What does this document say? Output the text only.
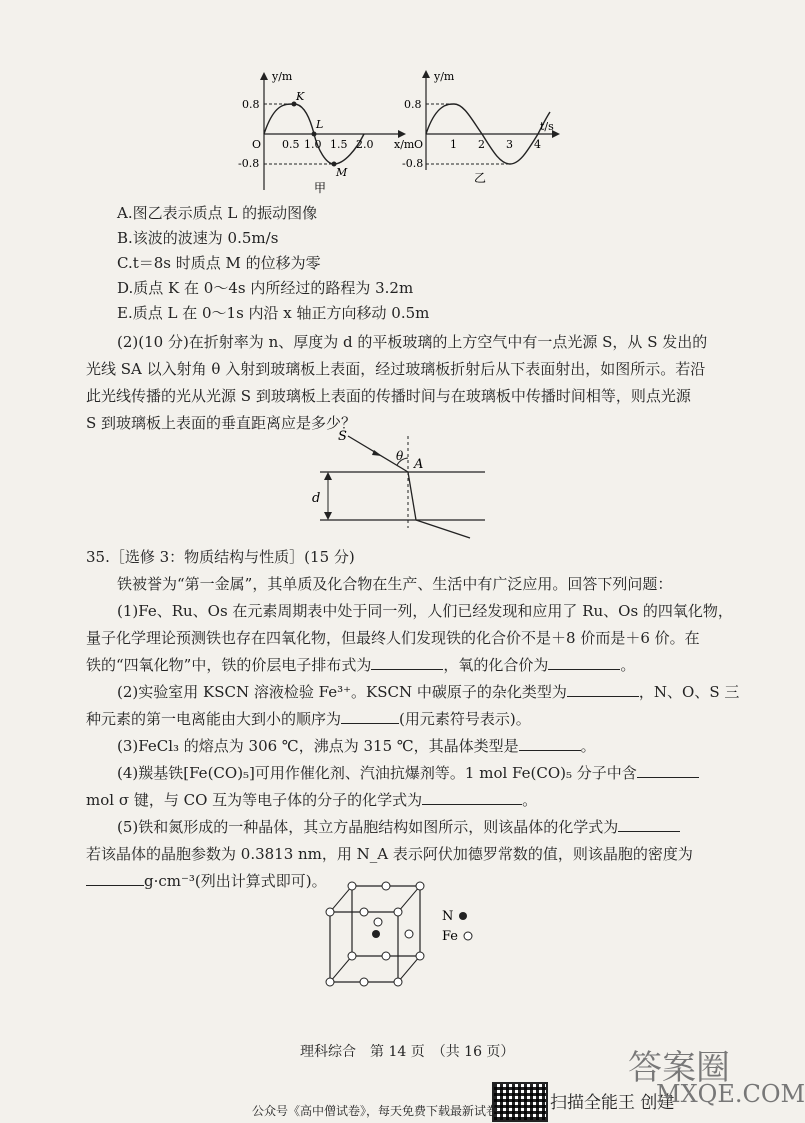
y/m
x/m
O
0.8
-0.8
0.5 1.0 1.5 2.0
K
L
M
甲
y/m
t/s
O
0.8
-0.8
1 2 3 4
乙
A.图乙表示质点 L 的振动图像
B.该波的波速为 0.5m/s
C.t＝8s 时质点 M 的位移为零
D.质点 K 在 0～4s 内所经过的路程为 3.2m
E.质点 L 在 0～1s 内沿 x 轴正方向移动 0.5m
(2)(10 分)在折射率为 n、厚度为 d 的平板玻璃的上方空气中有一点光源 S，从 S 发出的
光线 SA 以入射角 θ 入射到玻璃板上表面，经过玻璃板折射后从下表面射出，如图所示。若沿
此光线传播的光从光源 S 到玻璃板上表面的传播时间与在玻璃板中传播时间相等，则点光源
S 到玻璃板上表面的垂直距离应是多少？
S
A
θ
d
35.［选修 3：物质结构与性质］(15 分)
铁被誉为“第一金属”，其单质及化合物在生产、生活中有广泛应用。回答下列问题：
(1)Fe、Ru、Os 在元素周期表中处于同一列，人们已经发现和应用了 Ru、Os 的四氧化物，
量子化学理论预测铁也存在四氧化物，但最终人们发现铁的化合价不是＋8 价而是＋6 价。在
铁的“四氧化物”中，铁的价层电子排布式为	，氧的化合价为	。
(2)实验室用 KSCN 溶液检验 Fe³⁺。KSCN 中碳原子的杂化类型为	，N、O、S 三
种元素的第一电离能由大到小的顺序为	(用元素符号表示)。
(3)FeCl₃ 的熔点为 306 ℃，沸点为 315 ℃，其晶体类型是	。
(4)羰基铁[Fe(CO)₅]可用作催化剂、汽油抗爆剂等。1 mol Fe(CO)₅ 分子中含
mol σ 键，与 CO 互为等电子体的分子的化学式为	。
(5)铁和氮形成的一种晶体，其立方晶胞结构如图所示，则该晶体的化学式为
若该晶体的晶胞参数为 0.3813 nm，用 N_A 表示阿伏加德罗常数的值，则该晶胞的密度为
g·cm⁻³(列出计算式即可)。
N
Fe
理科综合　第 14 页　（共 16 页）
扫描全能王 创建
公众号《高中僧试卷》，每天免费下载最新试卷
答案圈
MXQE.COM
